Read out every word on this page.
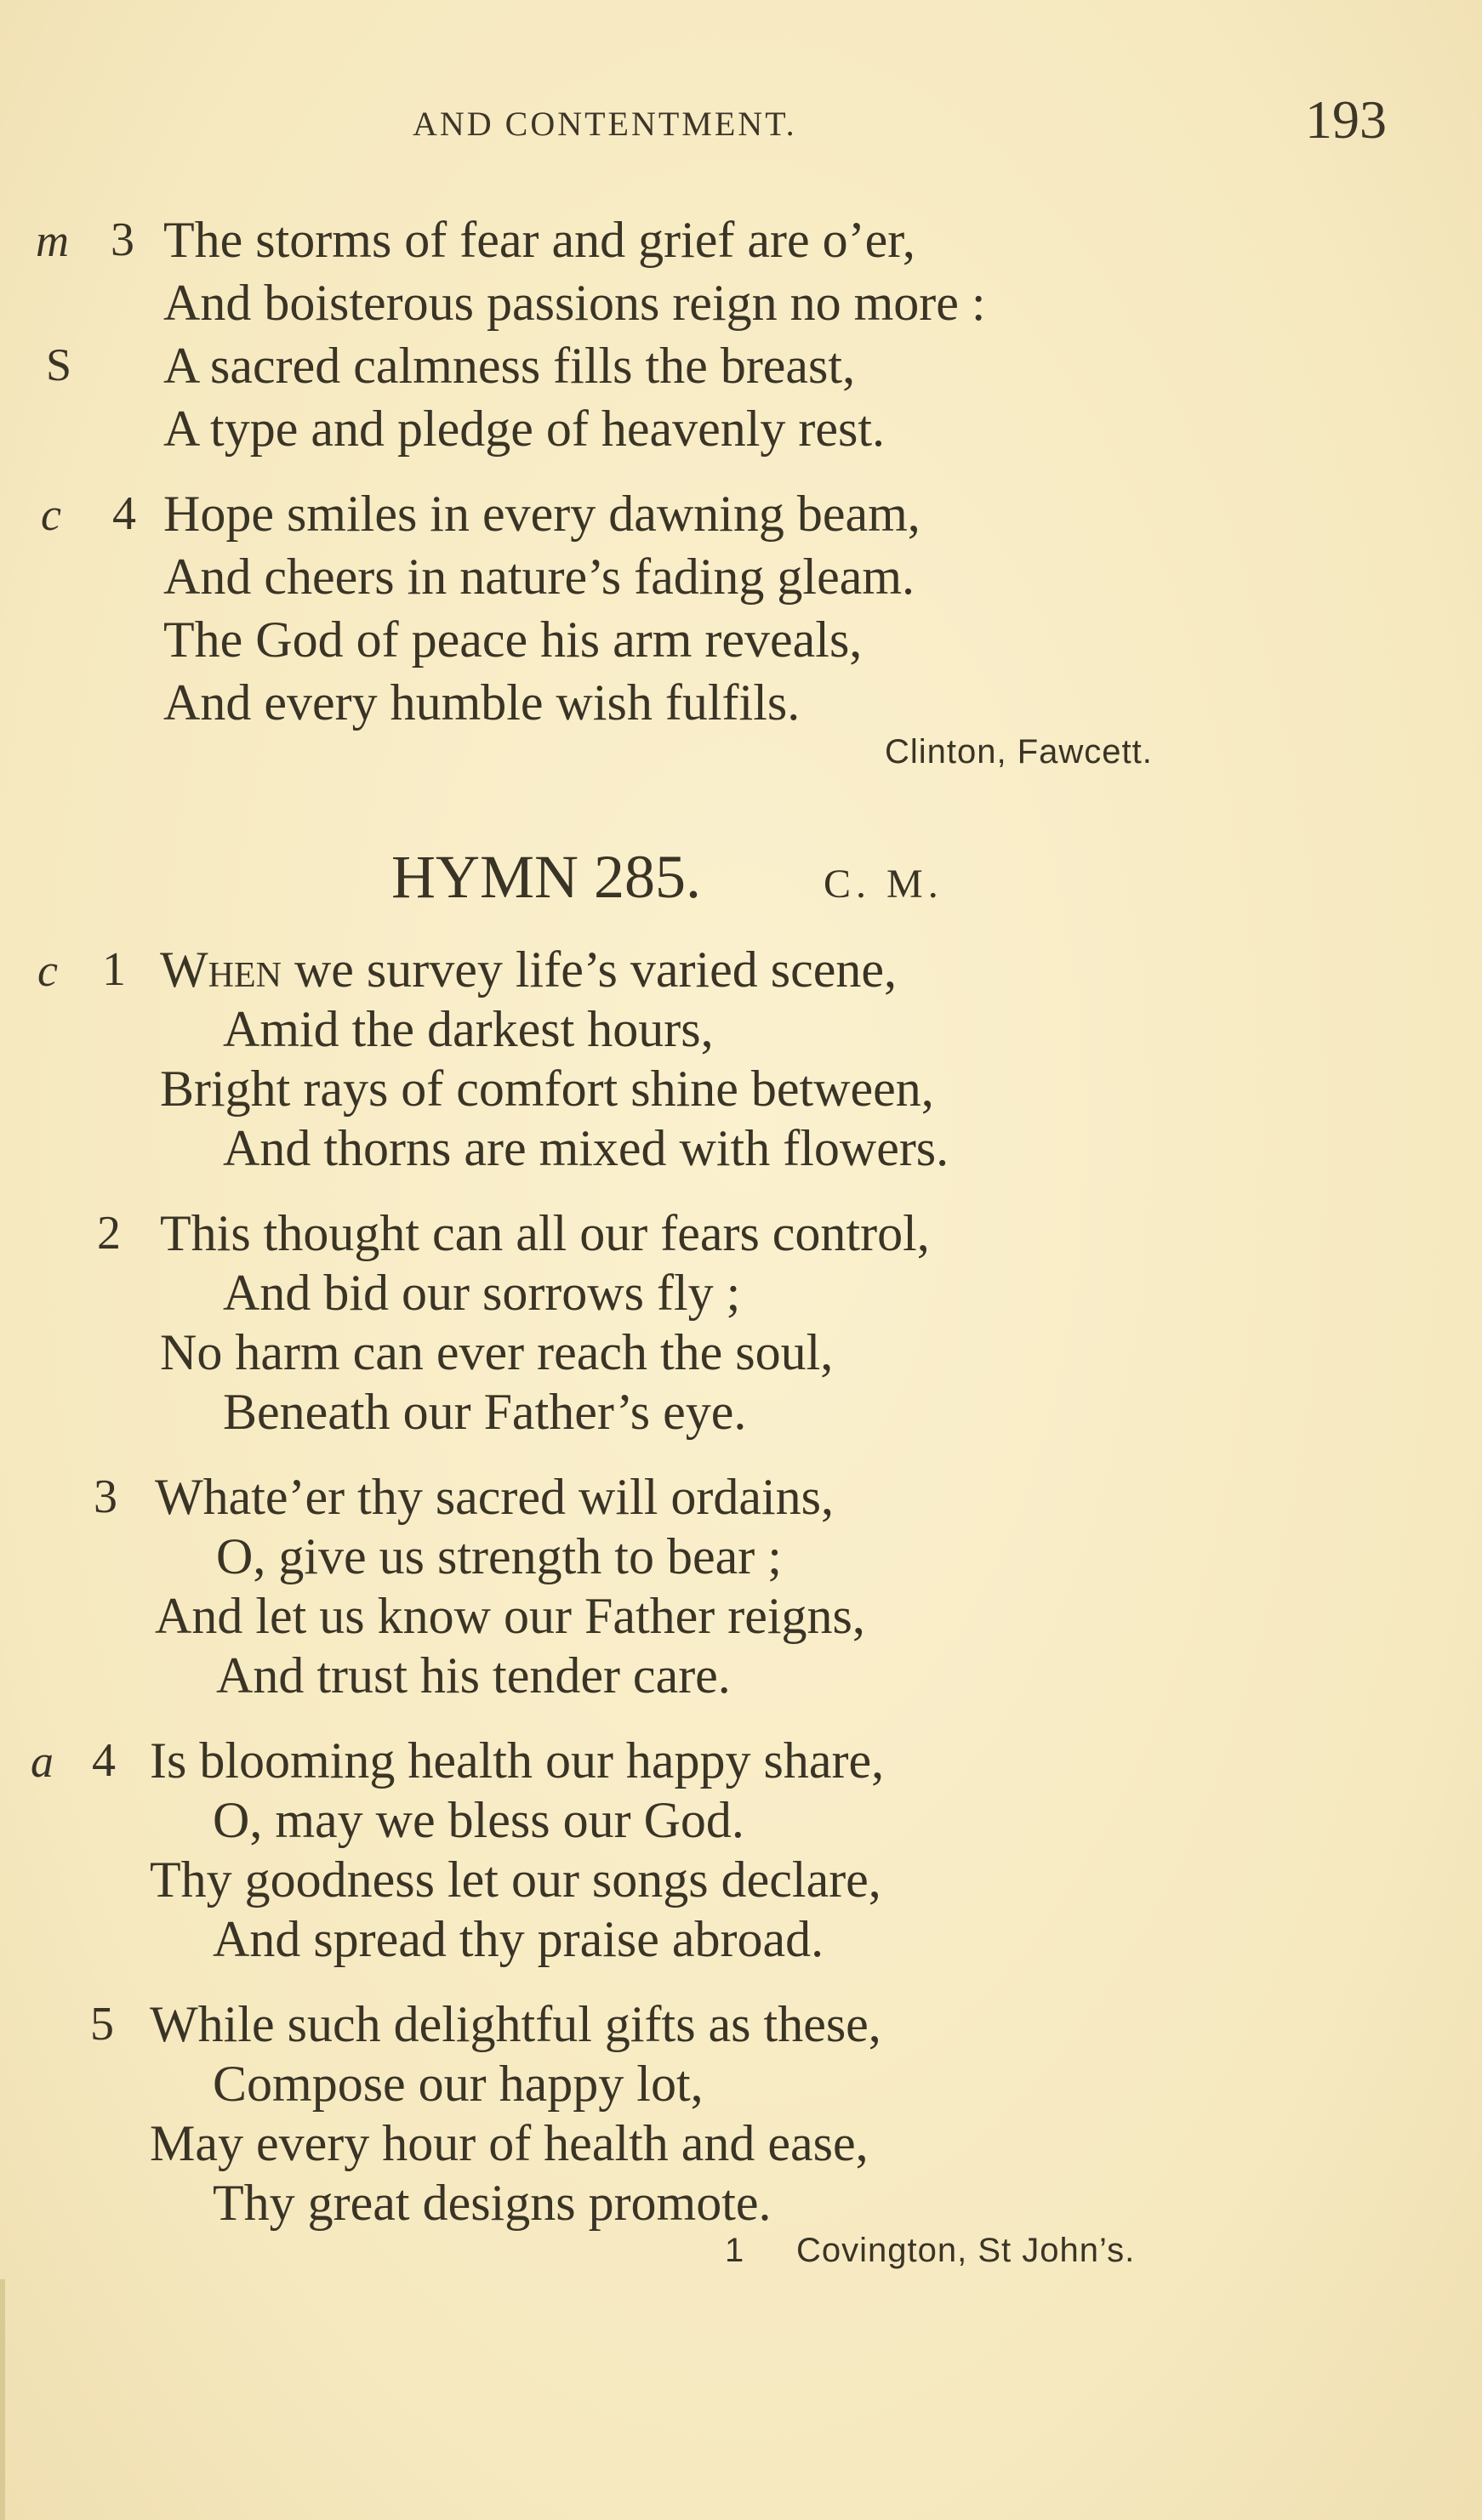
AND CONTENTMENT.	193
m 3 The storms of fear and grief are o’er,
And boisterous passions reign no more :
S A sacred calmness fills the breast,
A type and pledge of heavenly rest.
c 4 Hope smiles in every dawning beam,
And cheers in nature’s fading gleam.
The God of peace his arm reveals,
And every humble wish fulfils.
Clinton, Fawcett.
HYMN 285.	C. M.
c 1 When we survey life’s varied scene,
Amid the darkest hours,
Bright rays of comfort shine between,
And thorns are mixed with flowers.
2 This thought can all our fears control,
And bid our sorrows fly ;
No harm can ever reach the soul,
Beneath our Father’s eye.
3 Whate’er thy sacred will ordains,
O, give us strength to bear ;
And let us know our Father reigns,
And trust his tender care.
a 4 Is blooming health our happy share,
O, may we bless our God.
Thy goodness let our songs declare,
And spread thy praise abroad.
5 While such delightful gifts as these,
Compose our happy lot,
May every hour of health and ease,
Thy great designs promote.
1 Covington, St John’s.
